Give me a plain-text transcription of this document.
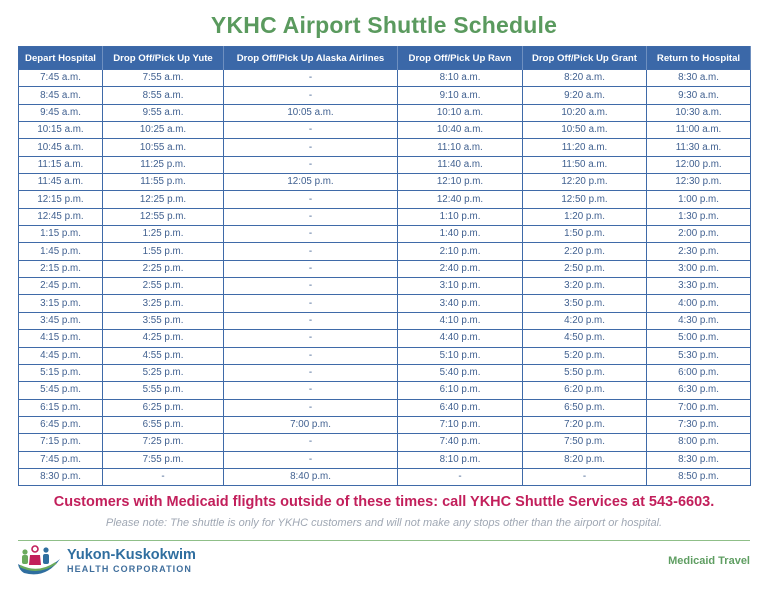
YKHC Airport Shuttle Schedule
Depart Hospital	Drop Off/Pick Up Yute	Drop Off/Pick Up Alaska Airlines	Drop Off/Pick Up Ravn	Drop Off/Pick Up Grant	Return to Hospital
7:45 a.m.	7:55 a.m.	-	8:10 a.m.	8:20 a.m.	8:30 a.m.
8:45 a.m.	8:55 a.m.	-	9:10 a.m.	9:20 a.m.	9:30 a.m.
9:45 a.m.	9:55 a.m.	10:05 a.m.	10:10 a.m.	10:20 a.m.	10:30 a.m.
10:15 a.m.	10:25 a.m.	-	10:40 a.m.	10:50 a.m.	11:00 a.m.
10:45 a.m.	10:55 a.m.	-	11:10 a.m.	11:20 a.m.	11:30 a.m.
11:15 a.m.	11:25 p.m.	-	11:40 a.m.	11:50 a.m.	12:00 p.m.
11:45 a.m.	11:55 p.m.	12:05 p.m.	12:10 p.m.	12:20 p.m.	12:30 p.m.
12:15 p.m.	12:25 p.m.	-	12:40 p.m.	12:50 p.m.	1:00 p.m.
12:45 p.m.	12:55 p.m.	-	1:10 p.m.	1:20 p.m.	1:30 p.m.
1:15 p.m.	1:25 p.m.	-	1:40 p.m.	1:50 p.m.	2:00 p.m.
1:45 p.m.	1:55 p.m.	-	2:10 p.m.	2:20 p.m.	2:30 p.m.
2:15 p.m.	2:25 p.m.	-	2:40 p.m.	2:50 p.m.	3:00 p.m.
2:45 p.m.	2:55 p.m.	-	3:10 p.m.	3:20 p.m.	3:30 p.m.
3:15 p.m.	3:25 p.m.	-	3:40 p.m.	3:50 p.m.	4:00 p.m.
3:45 p.m.	3:55 p.m.	-	4:10 p.m.	4:20 p.m.	4:30 p.m.
4:15 p.m.	4:25 p.m.	-	4:40 p.m.	4:50 p.m.	5:00 p.m.
4:45 p.m.	4:55 p.m.	-	5:10 p.m.	5:20 p.m.	5:30 p.m.
5:15 p.m.	5:25 p.m.	-	5:40 p.m.	5:50 p.m.	6:00 p.m.
5:45 p.m.	5:55 p.m.	-	6:10 p.m.	6:20 p.m.	6:30 p.m.
6:15 p.m.	6:25 p.m.	-	6:40 p.m.	6:50 p.m.	7:00 p.m.
6:45 p.m.	6:55 p.m.	7:00 p.m.	7:10 p.m.	7:20 p.m.	7:30 p.m.
7:15 p.m.	7:25 p.m.	-	7:40 p.m.	7:50 p.m.	8:00 p.m.
7:45 p.m.	7:55 p.m.	-	8:10 p.m.	8:20 p.m.	8:30 p.m.
8:30 p.m.	-	8:40 p.m.	-	-	8:50 p.m.
Customers with Medicaid flights outside of these times: call YKHC Shuttle Services at 543-6603.
Please note: The shuttle is only for YKHC customers and will not make any stops other than the airport or hospital.
Yukon-Kuskokwim
HEALTH CORPORATION
Medicaid Travel
